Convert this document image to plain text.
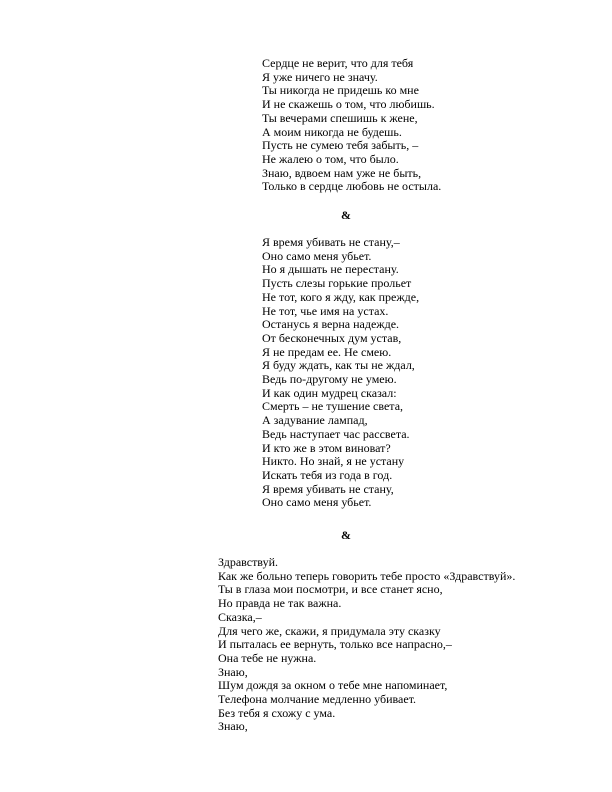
Сердце не верит, что для тебя
Я уже ничего не значу.
Ты никогда не придешь ко мне
И не скажешь о том, что любишь.
Ты вечерами спешишь к жене,
А моим никогда не будешь.
Пусть не сумею тебя забыть, –
Не жалею о том, что было.
Знаю, вдвоем нам уже не быть,
Только в сердце любовь не остыла.
&
Я время убивать не стану,–
Оно само меня убьет.
Но я дышать не перестану.
Пусть слезы горькие прольет
Не тот, кого я жду, как прежде,
Не тот, чье имя на устах.
Останусь я верна надежде.
От бесконечных дум устав,
Я не предам ее. Не смею.
Я буду ждать, как ты не ждал,
Ведь по-другому не умею.
И как один мудрец сказал:
Смерть – не тушение света,
А задувание лампад,
Ведь наступает час рассвета.
И кто же в этом виноват?
Никто. Но знай, я не устану
Искать тебя из года в год.
Я время убивать не стану,
Оно само меня убьет.
&
Здравствуй.
Как же больно теперь говорить тебе просто «Здравствуй».
Ты в глаза мои посмотри, и все станет ясно,
Но правда не так важна.
Сказка,–
Для чего же, скажи, я придумала эту сказку
И пыталась ее вернуть, только все напрасно,–
Она тебе не нужна.
Знаю,
Шум дождя за окном о тебе мне напоминает,
Телефона молчание медленно убивает.
Без тебя я схожу с ума.
Знаю,
